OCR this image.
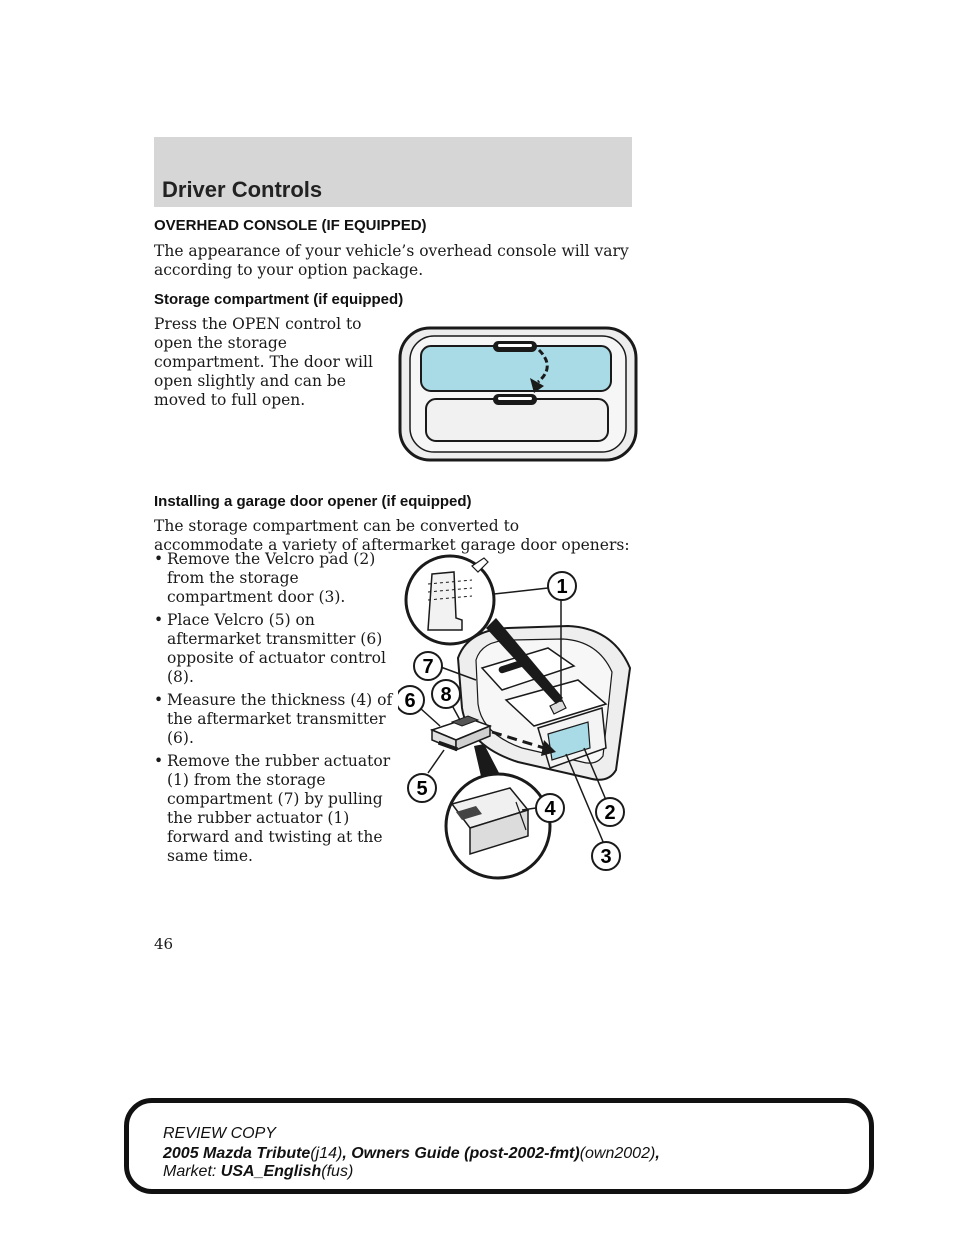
Driver Controls
OVERHEAD CONSOLE (IF EQUIPPED)

The appearance of your vehicle’s overhead console will vary according to your option package.

Storage compartment (if equipped)

Press the OPEN control to open the storage compartment. The door will open slightly and can be moved to full open.

Installing a garage door opener (if equipped)

The storage compartment can be converted to accommodate a variety of aftermarket garage door openers:

• Remove the Velcro pad (2) from the storage compartment door (3).
• Place Velcro (5) on aftermarket transmitter (6) opposite of actuator control (8).
• Measure the thickness (4) of the aftermarket transmitter (6).
• Remove the rubber actuator (1) from the storage compartment (7) by pulling the rubber actuator (1) forward and twisting at the same time.
1
7
6 8
5
4 2
3
46
REVIEW COPY
2005 Mazda Tribute(j14), Owners Guide (post-2002-fmt)(own2002),
Market: USA_English(fus)
